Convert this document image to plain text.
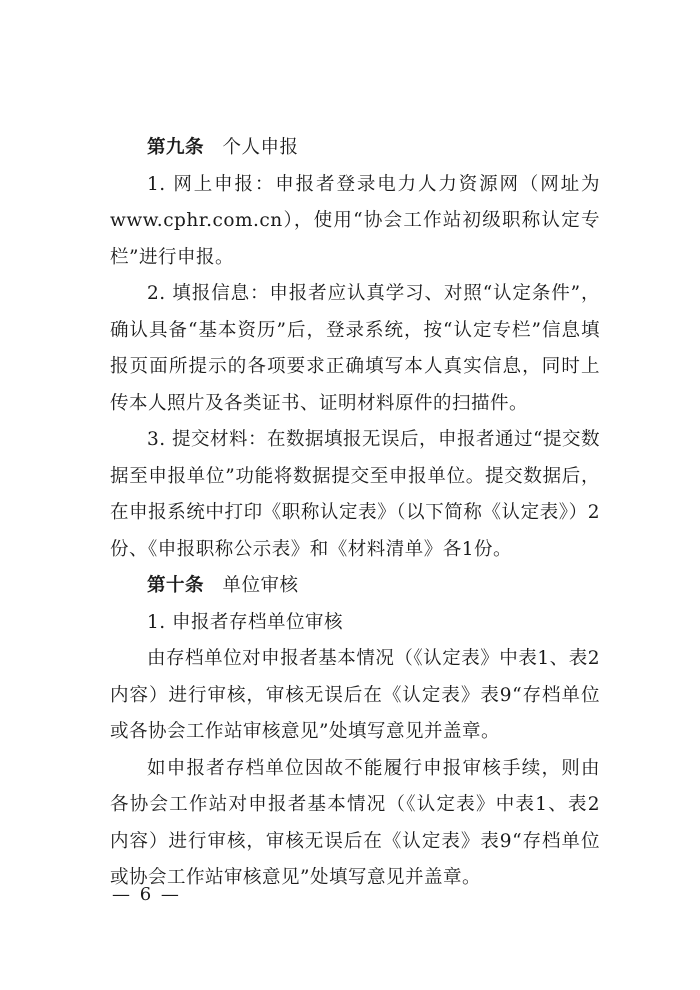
第九条 个人申报

1. 网上申报：申报者登录电力人力资源网（网址为www.cphr.com.cn），使用“协会工作站初级职称认定专栏”进行申报。

2. 填报信息：申报者应认真学习、对照“认定条件”，确认具备“基本资历”后，登录系统，按“认定专栏”信息填报页面所提示的各项要求正确填写本人真实信息，同时上传本人照片及各类证书、证明材料原件的扫描件。

3. 提交材料：在数据填报无误后，申报者通过“提交数据至申报单位”功能将数据提交至申报单位。提交数据后，在申报系统中打印《职称认定表》（以下简称《认定表》）2份、《申报职称公示表》和《材料清单》各1份。

第十条 单位审核

1. 申报者存档单位审核

由存档单位对申报者基本情况（《认定表》中表1、表2内容）进行审核，审核无误后在《认定表》表9“存档单位或各协会工作站审核意见”处填写意见并盖章。

如申报者存档单位因故不能履行申报审核手续，则由各协会工作站对申报者基本情况（《认定表》中表1、表2内容）进行审核，审核无误后在《认定表》表9“存档单位或协会工作站审核意见”处填写意见并盖章。

— 6 —
